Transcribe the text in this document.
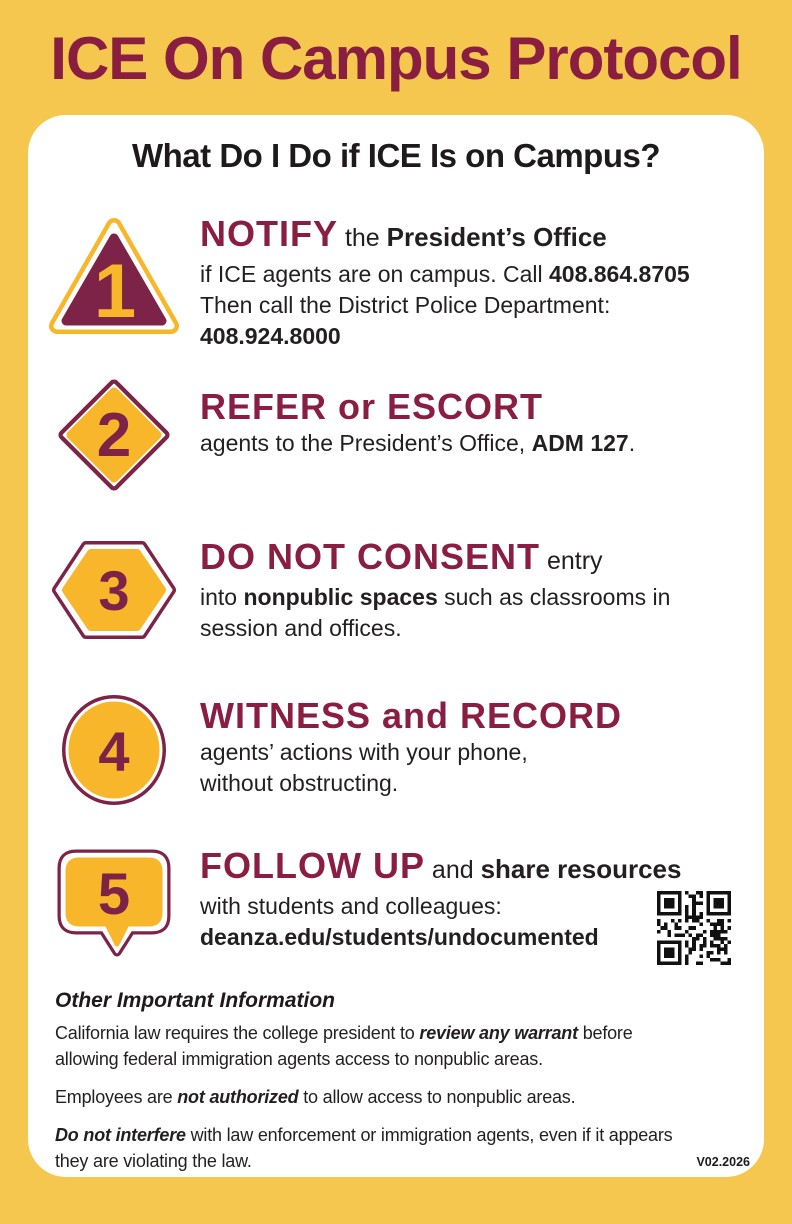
ICE On Campus Protocol
What Do I Do if ICE Is on Campus?
1
NOTIFY the President’s Office
if ICE agents are on campus. Call 408.864.8705
Then call the District Police Department:
408.924.8000
2 REFER or ESCORT
agents to the President’s Office, ADM 127.
3
DO NOT CONSENT entry
into nonpublic spaces such as classrooms in
session and offices.
4
WITNESS and RECORD
agents’ actions with your phone,
without obstructing.
5 FOLLOW UP and share resources
with students and colleagues:
deanza.edu/students/undocumented
Other Important Information

California law requires the college president to review any warrant before
allowing federal immigration agents access to nonpublic areas.

Employees are not authorized to allow access to nonpublic areas.

Do not interfere with law enforcement or immigration agents, even if it appears
they are violating the law.	V02.2026
